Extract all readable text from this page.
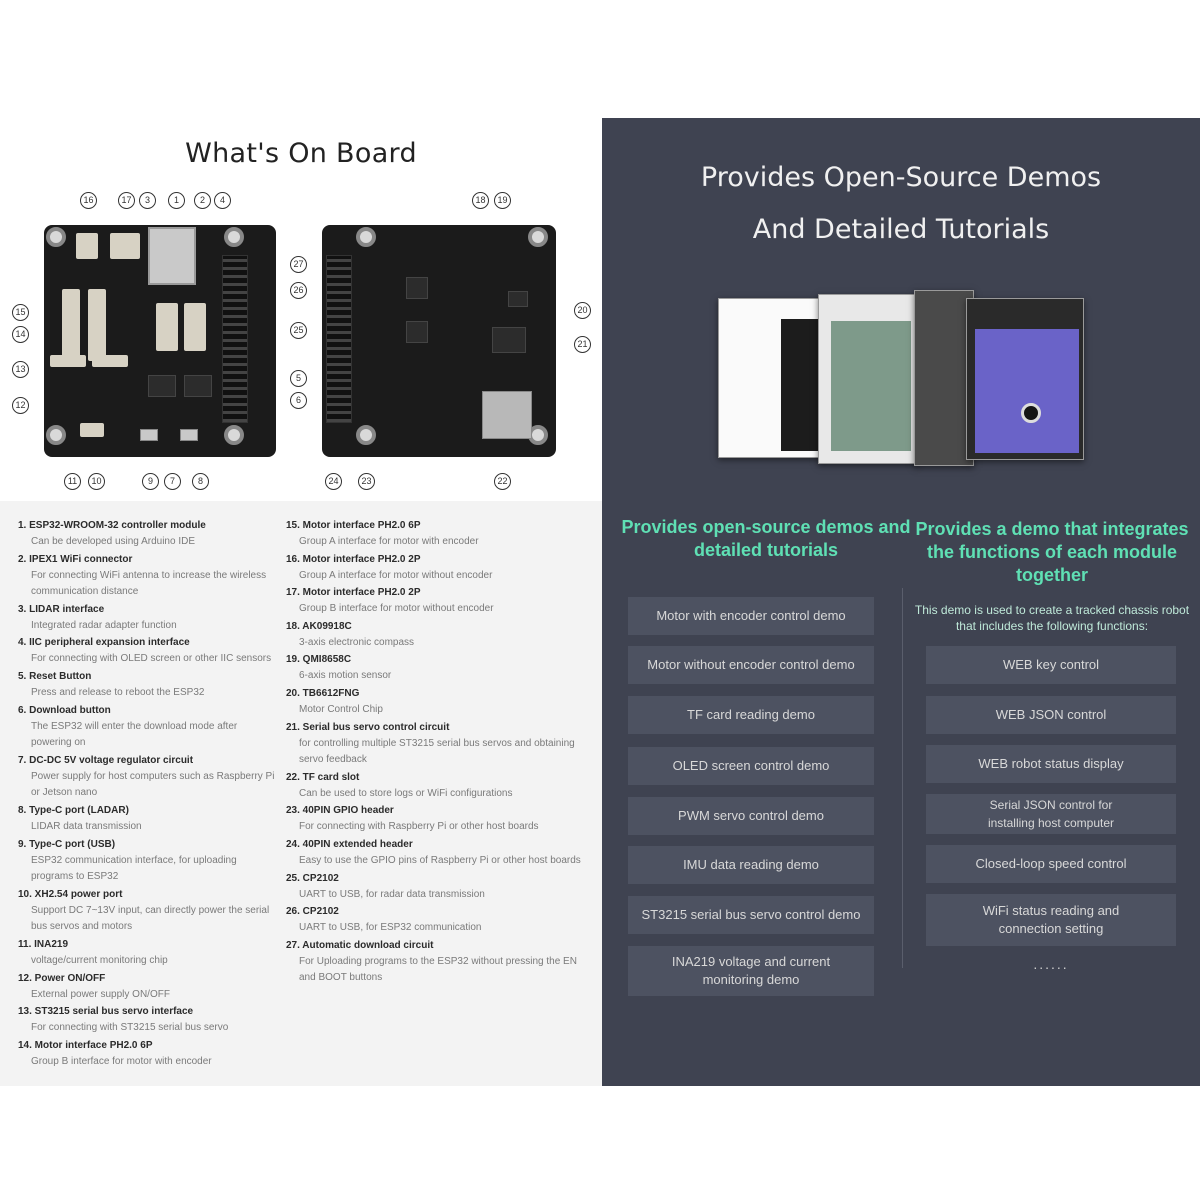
What's On Board
16	17	3	1	2	4
15
14
13
12
5
6
11	10	9	7	8
18	19
27
26
25
20
21
24	23	22
1. ESP32-WROOM-32 controller module
Can be developed using Arduino IDE
2. IPEX1 WiFi connector
For connecting WiFi antenna to increase the wireless communication distance
3. LIDAR interface
Integrated radar adapter function
4. IIC peripheral expansion interface
For connecting with OLED screen or other IIC sensors
5. Reset Button
Press and release to reboot the ESP32
6. Download button
The ESP32 will enter the download mode after powering on
7. DC-DC 5V voltage regulator circuit
Power supply for host computers such as Raspberry Pi or Jetson nano
8. Type-C port (LADAR)
LIDAR data transmission
9. Type-C port (USB)
ESP32 communication interface, for uploading programs to ESP32
10. XH2.54 power port
Support DC 7~13V input, can directly power the serial bus servos and motors
11. INA219
voltage/current monitoring chip
12. Power ON/OFF
External power supply ON/OFF
13. ST3215 serial bus servo interface
For connecting with ST3215 serial bus servo
14. Motor interface PH2.0 6P
Group B interface for motor with encoder
15. Motor interface PH2.0 6P
Group A interface for motor with encoder
16. Motor interface PH2.0 2P
Group A interface for motor without encoder
17. Motor interface PH2.0 2P
Group B interface for motor without encoder
18. AK09918C
3-axis electronic compass
19. QMI8658C
6-axis motion sensor
20. TB6612FNG
Motor Control Chip
21. Serial bus servo control circuit
for controlling multiple ST3215 serial bus servos and obtaining servo feedback
22. TF card slot
Can be used to store logs or WiFi configurations
23. 40PIN GPIO header
For connecting with Raspberry Pi or other host boards
24. 40PIN extended header
Easy to use the GPIO pins of Raspberry Pi or other host boards
25. CP2102
UART to USB, for radar data transmission
26. CP2102
UART to USB, for ESP32 communication
27. Automatic download circuit
For Uploading programs to the ESP32 without pressing the EN and BOOT buttons
Provides Open-Source Demos
And Detailed Tutorials
Provides open-source demos and detailed tutorials
Provides a demo that integrates the functions of each module together
This demo is used to create a tracked chassis robot that includes the following functions:
Motor with encoder control demo
Motor without encoder control demo
TF card reading demo
OLED screen control demo
PWM servo control demo
IMU data reading demo
ST3215 serial bus servo control demo
INA219 voltage and current monitoring demo
WEB key control
WEB JSON control
WEB robot status display
Serial JSON control for installing host computer
Closed-loop speed control
WiFi status reading and connection setting
......
